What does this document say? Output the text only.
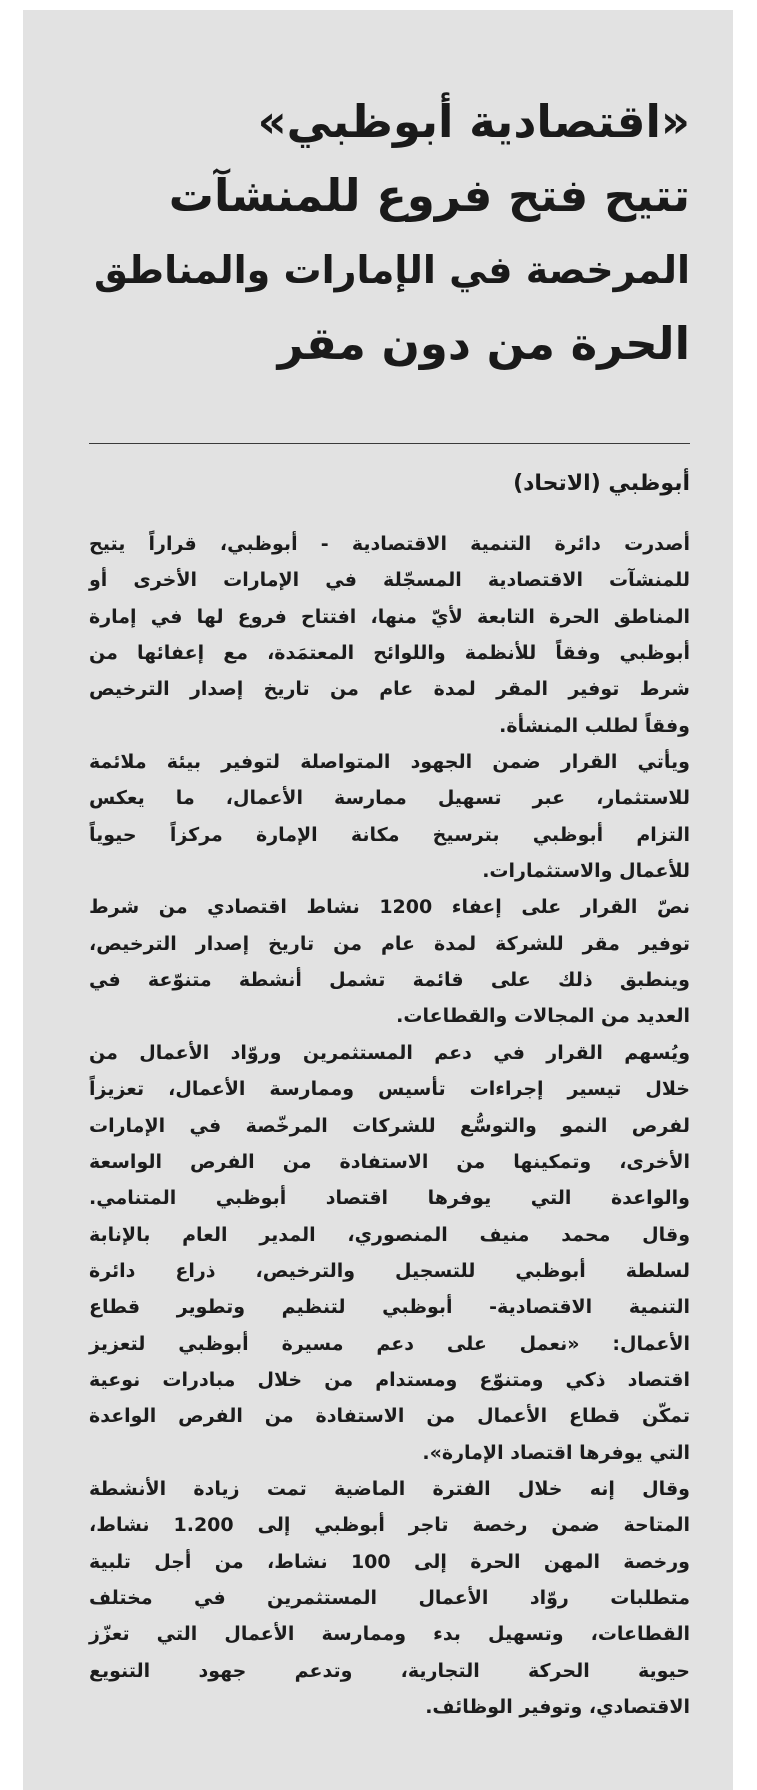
«اقتصادية أبوظبي»
تتيح فتح فروع للمنشآت
المرخصة في الإمارات والمناطق
الحرة من دون مقر
أبوظبي (الاتحاد)
أصدرت دائرة التنمية الاقتصادية - أبوظبي، قراراً يتيح
للمنشآت الاقتصادية المسجّلة في الإمارات الأخرى أو
المناطق الحرة التابعة لأيّ منها، افتتاح فروع لها في إمارة
أبوظبي وفقاً للأنظمة واللوائح المعتمَدة، مع إعفائها من
شرط توفير المقر لمدة عام من تاريخ إصدار الترخيص
وفقاً لطلب المنشأة.
ويأتي القرار ضمن الجهود المتواصلة لتوفير بيئة ملائمة
للاستثمار، عبر تسهيل ممارسة الأعمال، ما يعكس
التزام أبوظبي بترسيخ مكانة الإمارة مركزاً حيوياً
للأعمال والاستثمارات.
نصّ القرار على إعفاء 1200 نشاط اقتصادي من شرط
توفير مقر للشركة لمدة عام من تاريخ إصدار الترخيص،
وينطبق ذلك على قائمة تشمل أنشطة متنوّعة في
العديد من المجالات والقطاعات.
ويُسهم القرار في دعم المستثمرين وروّاد الأعمال من
خلال تيسير إجراءات تأسيس وممارسة الأعمال، تعزيزاً
لفرص النمو والتوسُّع للشركات المرخّصة في الإمارات
الأخرى، وتمكينها من الاستفادة من الفرص الواسعة
والواعدة التي يوفرها اقتصاد أبوظبي المتنامي.
وقال محمد منيف المنصوري، المدير العام بالإنابة
لسلطة أبوظبي للتسجيل والترخيص، ذراع دائرة
التنمية الاقتصادية- أبوظبي لتنظيم وتطوير قطاع
الأعمال: «نعمل على دعم مسيرة أبوظبي لتعزيز
اقتصاد ذكي ومتنوّع ومستدام من خلال مبادرات نوعية
تمكّن قطاع الأعمال من الاستفادة من الفرص الواعدة
التي يوفرها اقتصاد الإمارة».
وقال إنه خلال الفترة الماضية تمت زيادة الأنشطة
المتاحة ضمن رخصة تاجر أبوظبي إلى 1.200 نشاط،
ورخصة المهن الحرة إلى 100 نشاط، من أجل تلبية
متطلبات روّاد الأعمال المستثمرين في مختلف
القطاعات، وتسهيل بدء وممارسة الأعمال التي تعزّز
حيوية الحركة التجارية، وتدعم جهود التنويع
الاقتصادي، وتوفير الوظائف.
